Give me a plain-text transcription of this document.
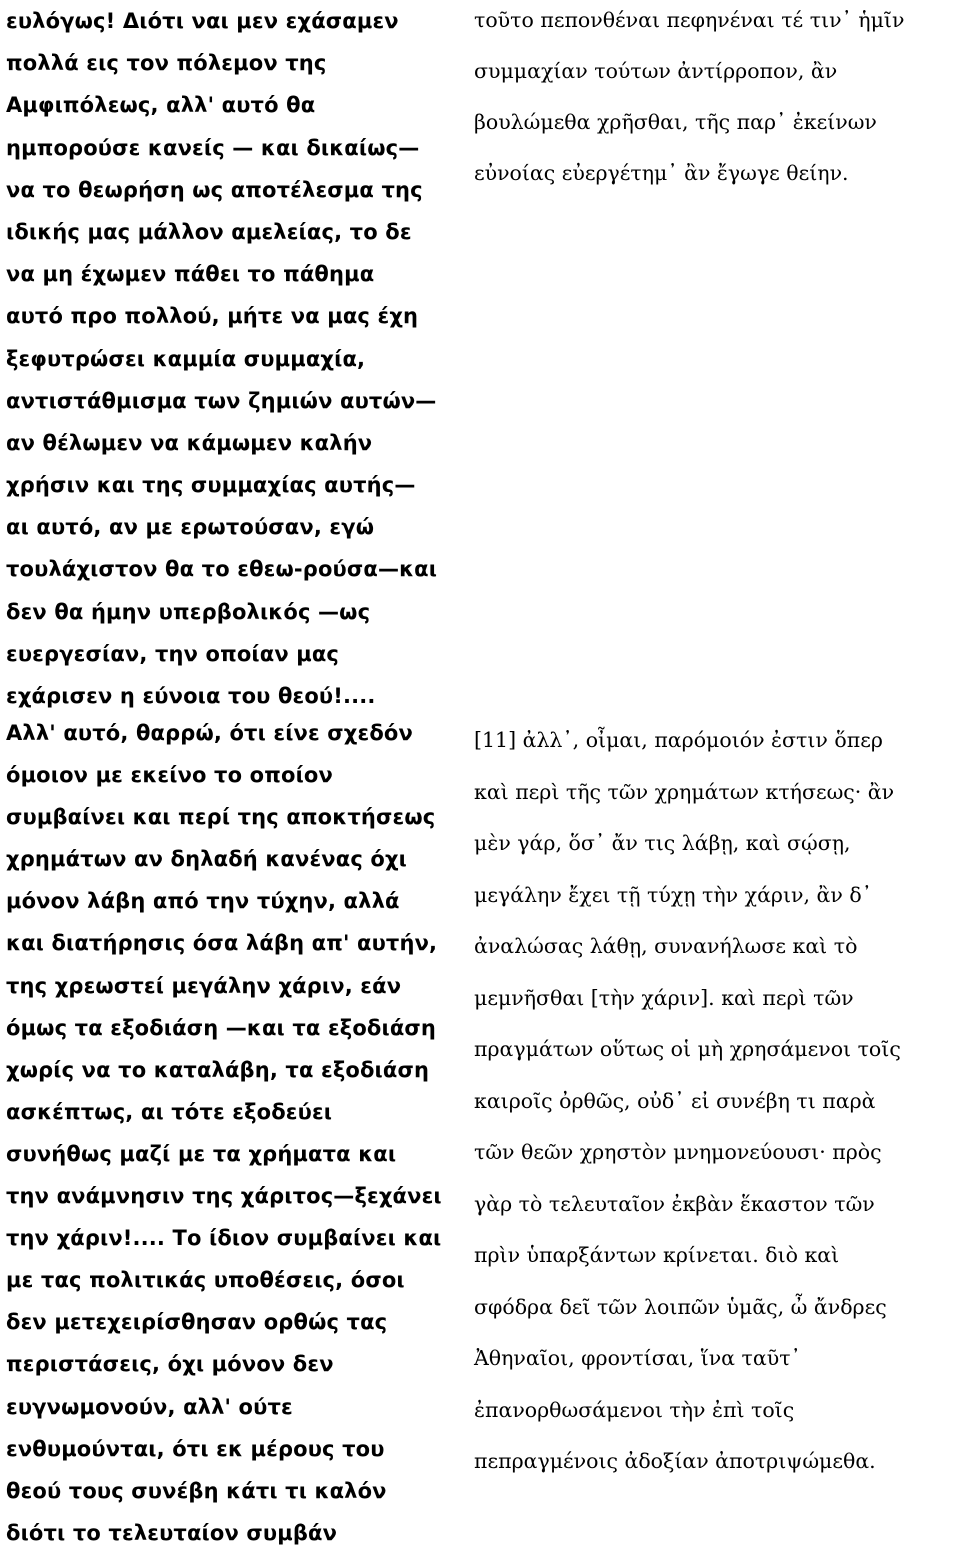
ευλόγως! Διότι ναι μεν εχάσαμεν
πολλά εις τον πόλεμον της
Αμφιπόλεως, αλλ' αυτό θα
ημπορούσε κανείς — και δικαίως—
να το θεωρήση ως αποτέλεσμα της
ιδικής μας μάλλον αμελείας, το δε
να μη έχωμεν πάθει το πάθημα
αυτό προ πολλού, μήτε να μας έχη
ξεφυτρώσει καμμία συμμαχία,
αντιστάθμισμα των ζημιών αυτών—
αν θέλωμεν να κάμωμεν καλήν
χρήσιν και της συμμαχίας αυτής—
αι αυτό, αν με ερωτούσαν, εγώ
τουλάχιστον θα το εθεω-ρούσα—και
δεν θα ήμην υπερβολικός —ως
ευεργεσίαν, την οποίαν μας
εχάρισεν η εύνοια του θεού!....
τοῦτο πεπονθέναι πεφηνέναι τέ τιν᾽ ἡμῖν
συμμαχίαν τούτων ἀντίρροπον, ἂν
βουλώμεθα χρῆσθαι, τῆς παρ᾽ ἐκείνων
εὐνοίας εὐεργέτημ᾽ ἂν ἔγωγε θείην.
Αλλ' αυτό, θαρρώ, ότι είνε σχεδόν
όμοιον με εκείνο το οποίον
συμβαίνει και περί της αποκτήσεως
χρημάτων αν δηλαδή κανένας όχι
μόνον λάβη από την τύχην, αλλά
και διατήρησις όσα λάβη απ' αυτήν,
της χρεωστεί μεγάλην χάριν, εάν
όμως τα εξοδιάση —και τα εξοδιάση
χωρίς να το καταλάβη, τα εξοδιάση
ασκέπτως, αι τότε εξοδεύει
συνήθως μαζί με τα χρήματα και
την ανάμνησιν της χάριτος—ξεχάνει
την χάριν!.... Το ίδιον συμβαίνει και
με τας πολιτικάς υποθέσεις, όσοι
δεν μετεχειρίσθησαν ορθώς τας
περιστάσεις, όχι μόνον δεν
ευγνωμονούν, αλλ' ούτε
ενθυμούνται, ότι εκ μέρους του
θεού τους συνέβη κάτι τι καλόν
διότι το τελευταίον συμβάν
[11] ἀλλ᾽, οἶμαι, παρόμοιόν ἐστιν ὅπερ
καὶ περὶ τῆς τῶν χρημάτων κτήσεως· ἂν
μὲν γάρ, ὅσ᾽ ἄν τις λάβῃ, καὶ σῴσῃ,
μεγάλην ἔχει τῇ τύχῃ τὴν χάριν, ἂν δ᾽
ἀναλώσας λάθῃ, συνανήλωσε καὶ τὸ
μεμνῆσθαι [τὴν χάριν]. καὶ περὶ τῶν
πραγμάτων οὕτως οἱ μὴ χρησάμενοι τοῖς
καιροῖς ὀρθῶς, οὐδ᾽ εἰ συνέβη τι παρὰ
τῶν θεῶν χρηστὸν μνημονεύουσι· πρὸς
γὰρ τὸ τελευταῖον ἐκβὰν ἕκαστον τῶν
πρὶν ὑπαρξάντων κρίνεται. διὸ καὶ
σφόδρα δεῖ τῶν λοιπῶν ὑμᾶς, ὦ ἄνδρες
Ἀθηναῖοι, φροντίσαι, ἵνα ταῦτ᾽
ἐπανορθωσάμενοι τὴν ἐπὶ τοῖς
πεπραγμένοις ἀδοξίαν ἀποτριψώμεθα.
